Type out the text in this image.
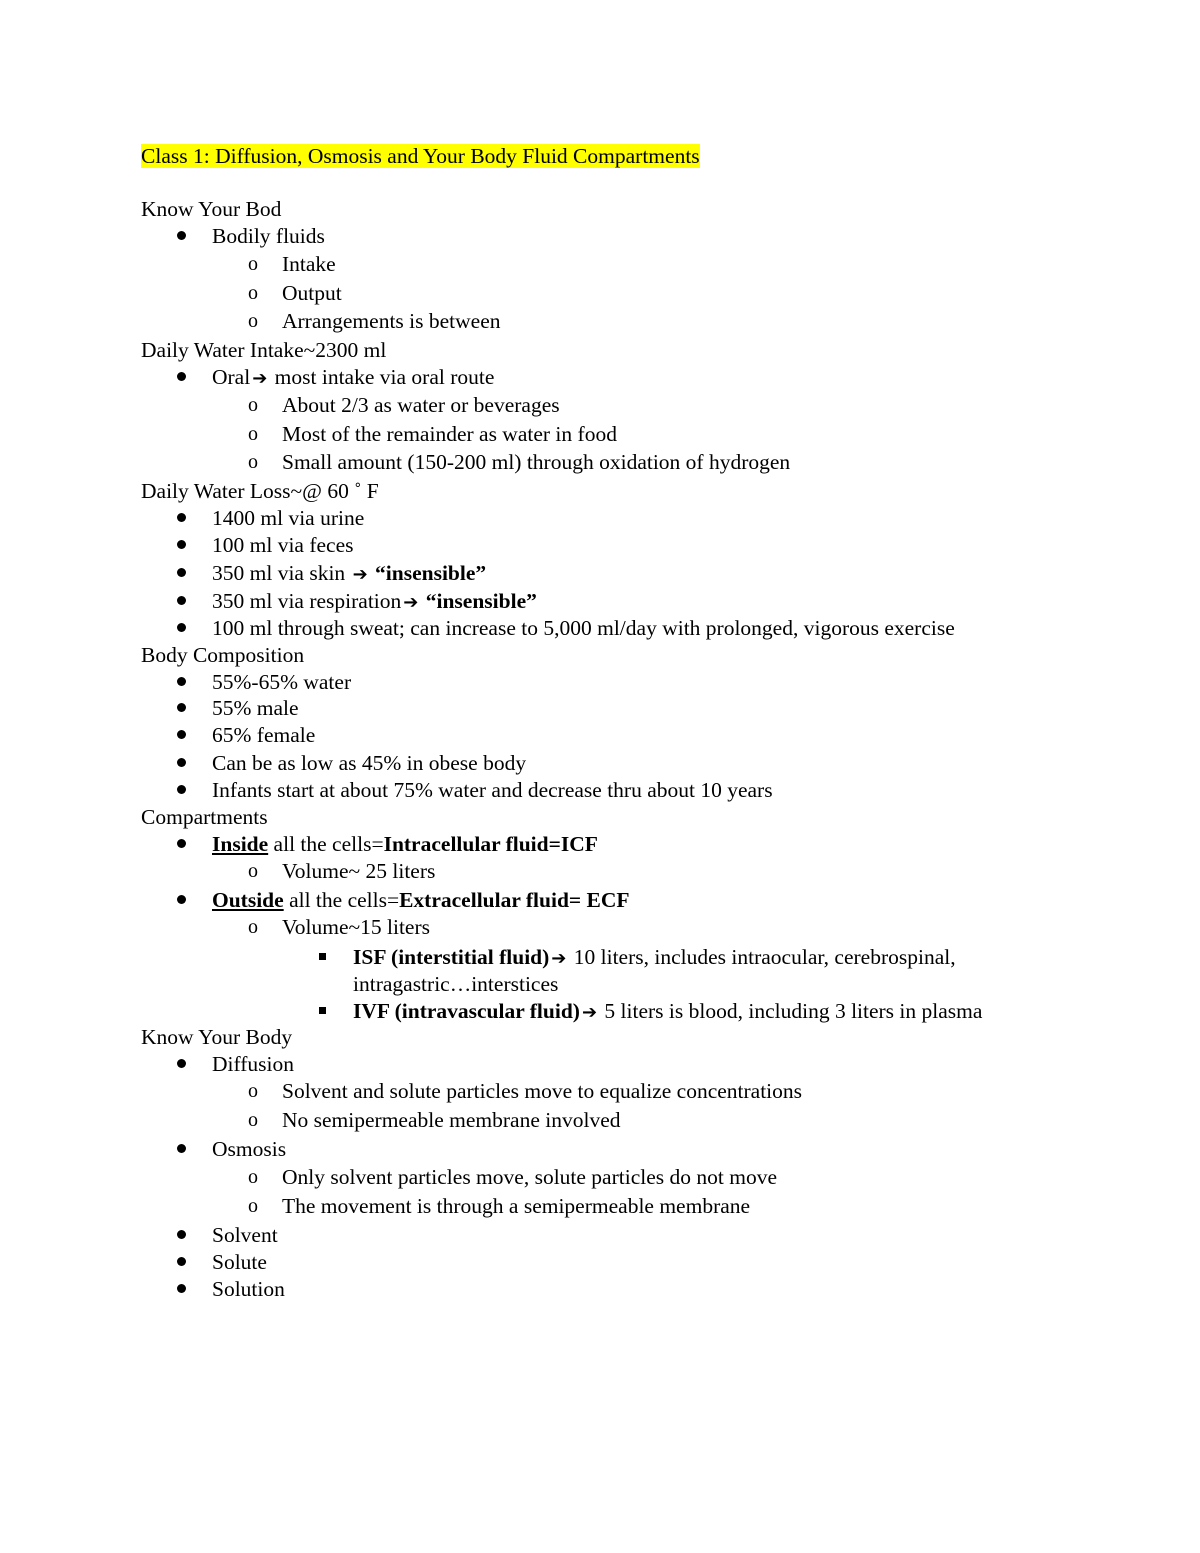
Class 1: Diffusion, Osmosis and Your Body Fluid Compartments
Know Your Bod
Bodily fluids
o Intake
o Output
o Arrangements is between
Daily Water Intake~2300 ml
Oral ➔ most intake via oral route
o About 2/3 as water or beverages
o Most of the remainder as water in food
o Small amount (150-200 ml) through oxidation of hydrogen
Daily Water Loss~@ 60 ˚ F
1400 ml via urine
100 ml via feces
350 ml via skin ➔ “insensible”
350 ml via respiration ➔ “insensible”
100 ml through sweat; can increase to 5,000 ml/day with prolonged, vigorous exercise
Body Composition
55%-65% water
55% male
65% female
Can be as low as 45% in obese body
Infants start at about 75% water and decrease thru about 10 years
Compartments
Inside all the cells=Intracellular fluid=ICF
o Volume~ 25 liters
Outside all the cells=Extracellular fluid= ECF
o Volume~15 liters
ISF (interstitial fluid) ➔ 10 liters, includes intraocular, cerebrospinal,
intragastric…interstices
IVF (intravascular fluid) ➔ 5 liters is blood, including 3 liters in plasma
Know Your Body
Diffusion
o Solvent and solute particles move to equalize concentrations
o No semipermeable membrane involved
Osmosis
o Only solvent particles move, solute particles do not move
o The movement is through a semipermeable membrane
Solvent
Solute
Solution
